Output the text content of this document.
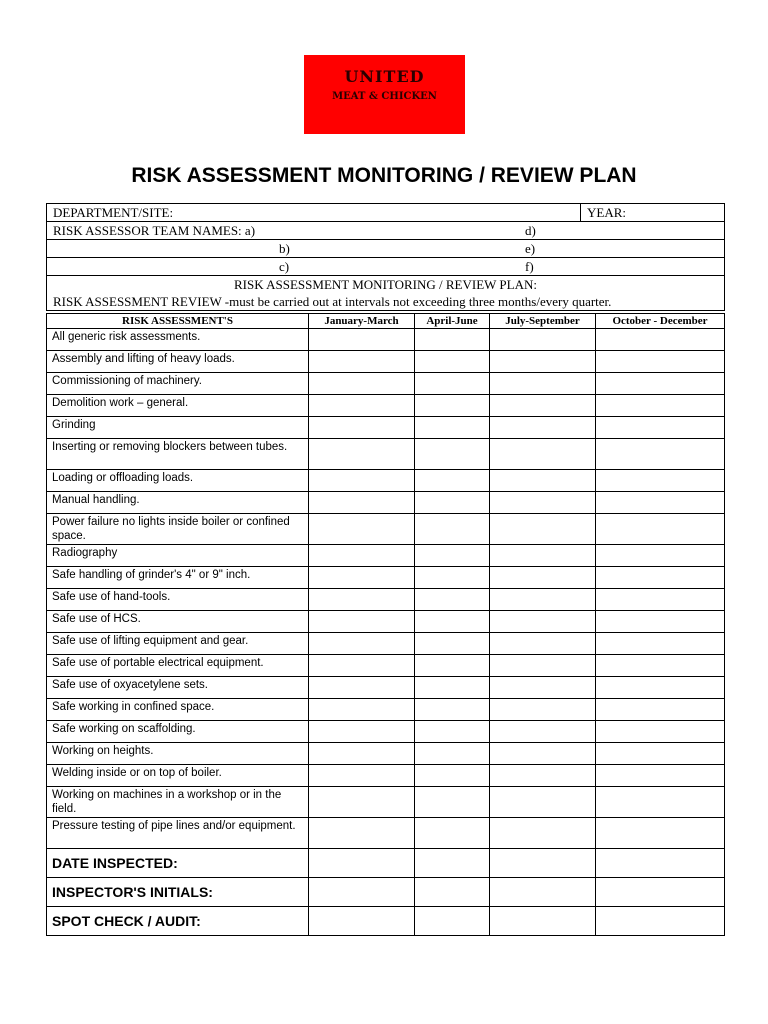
UNITED
MEAT & CHICKEN
RISK ASSESSMENT MONITORING / REVIEW PLAN
DEPARTMENT/SITE:	YEAR:

RISK ASSESSOR TEAM NAMES: a)	d)

b)	e)

c)	f)

RISK ASSESSMENT MONITORING / REVIEW PLAN:
RISK ASSESSMENT REVIEW -must be carried out at intervals not exceeding three months/every quarter.
RISK ASSESSMENT'S	January-March	April-June	July-September	October - December
All generic risk assessments.				
Assembly and lifting of heavy loads.				
Commissioning of machinery.				
Demolition work – general.				
Grinding				
Inserting or removing blockers between tubes.				
Loading or offloading loads.				
Manual handling.				
Power failure no lights inside boiler or confined space.				
Radiography				
Safe handling of grinder's 4" or 9" inch.				
Safe use of hand-tools.				
Safe use of HCS.				
Safe use of lifting equipment and gear.				
Safe use of portable electrical equipment.				
Safe use of oxyacetylene sets.				
Safe working in confined space.				
Safe working on scaffolding.				
Working on heights.				
Welding inside or on top of boiler.				
Working on machines in a workshop or in the field.				
Pressure testing of pipe lines and/or equipment.				
DATE INSPECTED:				
INSPECTOR'S INITIALS:				
SPOT CHECK / AUDIT:				
